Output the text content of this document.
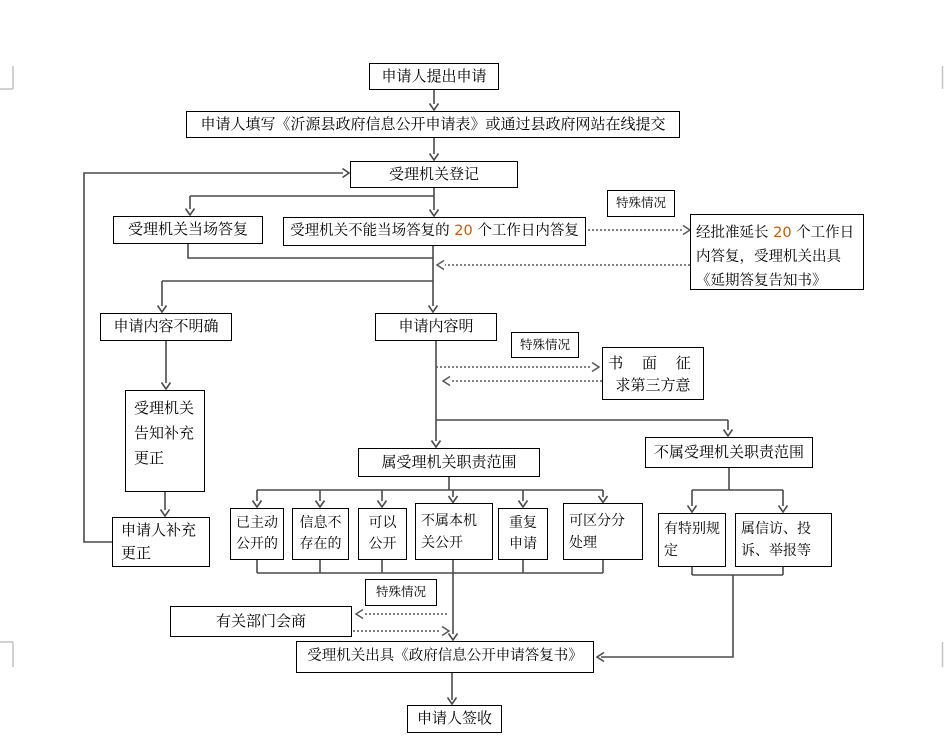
申请人提出申请
申请人填写《沂源县政府信息公开申请表》或通过县政府网站在线提交
受理机关登记
受理机关当场答复	受理机关不能当场答复的 20 个工作日内答复
特殊情况
经批准延长 20 个工作日内答复，受理机关出具《延期答复告知书》
申请内容不明确	申请内容明
特殊情况
书 面 征
求第三方意
受理机关告知补充更正
申请人补充更正
属受理机关职责范围
不属受理机关职责范围
已主动公开的
信息不存在的
可以公开
不属本机关公开
重复申请
可区分分处理
有特别规定
属信访、投诉、举报等
特殊情况
有关部门会商
受理机关出具《政府信息公开申请答复书》
申请人签收
